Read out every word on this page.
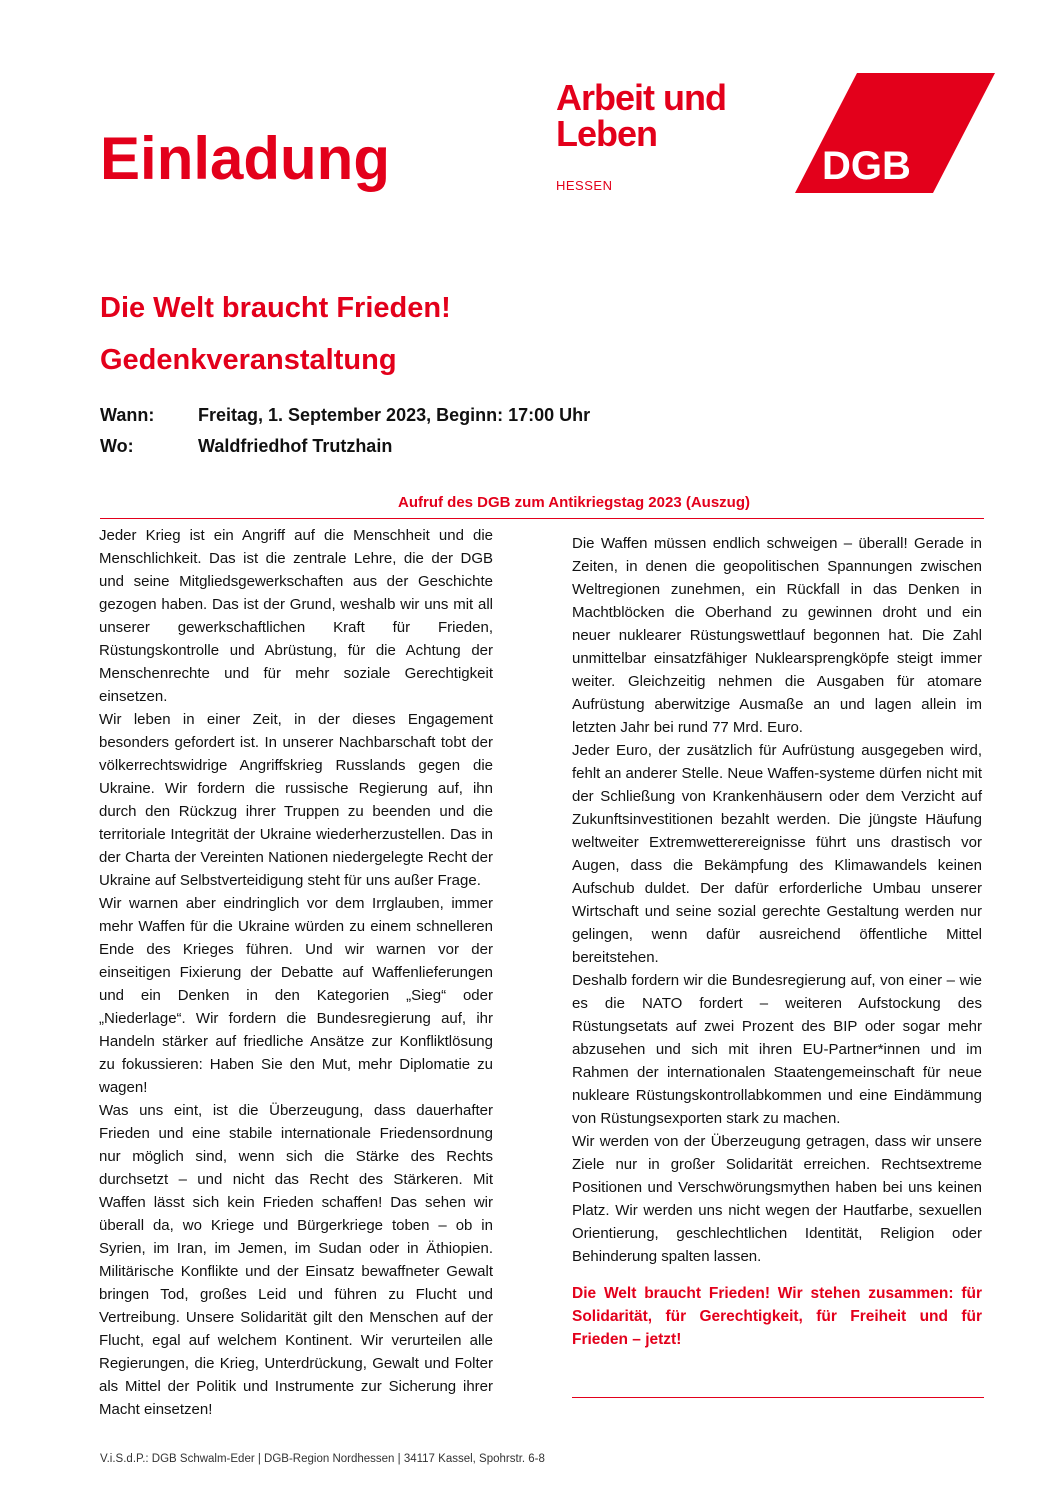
Einladung
Arbeit und
Leben
HESSEN	DGB
Die Welt braucht Frieden!
Gedenkveranstaltung
Wann:	Freitag, 1. September 2023, Beginn: 17:00 Uhr
Wo:	Waldfriedhof Trutzhain
Aufruf des DGB zum Antikriegstag 2023 (Auszug)

Jeder Krieg ist ein Angriff auf die Menschheit und die Menschlichkeit. Das ist die zentrale Lehre, die der DGB und seine Mitgliedsgewerkschaften aus der Geschichte gezogen haben. Das ist der Grund, weshalb wir uns mit all unserer gewerkschaftlichen Kraft für Frieden, Rüstungskontrolle und Abrüstung, für die Achtung der Menschenrechte und für mehr soziale Gerechtigkeit einsetzen.

Wir leben in einer Zeit, in der dieses Engagement besonders gefordert ist. In unserer Nachbarschaft tobt der völkerrechtswidrige Angriffskrieg Russlands gegen die Ukraine. Wir fordern die russische Regierung auf, ihn durch den Rückzug ihrer Truppen zu beenden und die territoriale Integrität der Ukraine wiederherzustellen. Das in der Charta der Vereinten Nationen niedergelegte Recht der Ukraine auf Selbstverteidigung steht für uns außer Frage.

Wir warnen aber eindringlich vor dem Irrglauben, immer mehr Waffen für die Ukraine würden zu einem schnelleren Ende des Krieges führen. Und wir warnen vor der einseitigen Fixierung der Debatte auf Waffenlieferungen und ein Denken in den Kategorien „Sieg“ oder „Niederlage“. Wir fordern die Bundesregierung auf, ihr Handeln stärker auf friedliche Ansätze zur Konfliktlösung zu fokussieren: Haben Sie den Mut, mehr Diplomatie zu wagen!

Was uns eint, ist die Überzeugung, dass dauerhafter Frieden und eine stabile internationale Friedensordnung nur möglich sind, wenn sich die Stärke des Rechts durchsetzt – und nicht das Recht des Stärkeren. Mit Waffen lässt sich kein Frieden schaffen! Das sehen wir überall da, wo Kriege und Bürgerkriege toben – ob in Syrien, im Iran, im Jemen, im Sudan oder in Äthiopien. Militärische Konflikte und der Einsatz bewaffneter Gewalt bringen Tod, großes Leid und führen zu Flucht und Vertreibung. Unsere Solidarität gilt den Menschen auf der Flucht, egal auf welchem Kontinent. Wir verurteilen alle Regierungen, die Krieg, Unterdrückung, Gewalt und Folter als Mittel der Politik und Instrumente zur Sicherung ihrer Macht einsetzen!

Die Waffen müssen endlich schweigen – überall! Gerade in Zeiten, in denen die geopolitischen Spannungen zwischen Weltregionen zunehmen, ein Rückfall in das Denken in Machtblöcken die Oberhand zu gewinnen droht und ein neuer nuklearer Rüstungswettlauf begonnen hat. Die Zahl unmittelbar einsatzfähiger Nuklearsprengköpfe steigt immer weiter. Gleichzeitig nehmen die Ausgaben für atomare Aufrüstung aberwitzige Ausmaße an und lagen allein im letzten Jahr bei rund 77 Mrd. Euro.

Jeder Euro, der zusätzlich für Aufrüstung ausgegeben wird, fehlt an anderer Stelle. Neue Waffen-systeme dürfen nicht mit der Schließung von Krankenhäusern oder dem Verzicht auf Zukunftsinvestitionen bezahlt werden. Die jüngste Häufung weltweiter Extremwetterereignisse führt uns drastisch vor Augen, dass die Bekämpfung des Klimawandels keinen Aufschub duldet. Der dafür erforderliche Umbau unserer Wirtschaft und seine sozial gerechte Gestaltung werden nur gelingen, wenn dafür ausreichend öffentliche Mittel bereitstehen.

Deshalb fordern wir die Bundesregierung auf, von einer – wie es die NATO fordert – weiteren Aufstockung des Rüstungsetats auf zwei Prozent des BIP oder sogar mehr abzusehen und sich mit ihren EU-Partner*innen und im Rahmen der internationalen Staatengemeinschaft für neue nukleare Rüstungskontrollabkommen und eine Eindämmung von Rüstungsexporten stark zu machen.

Wir werden von der Überzeugung getragen, dass wir unsere Ziele nur in großer Solidarität erreichen. Rechtsextreme Positionen und Verschwörungsmythen haben bei uns keinen Platz. Wir werden uns nicht wegen der Hautfarbe, sexuellen Orientierung, geschlechtlichen Identität, Religion oder Behinderung spalten lassen.

Die Welt braucht Frieden! Wir stehen zusammen: für Solidarität, für Gerechtigkeit, für Freiheit und für Frieden – jetzt!

V.i.S.d.P.: DGB Schwalm-Eder | DGB-Region Nordhessen | 34117 Kassel, Spohrstr. 6-8
